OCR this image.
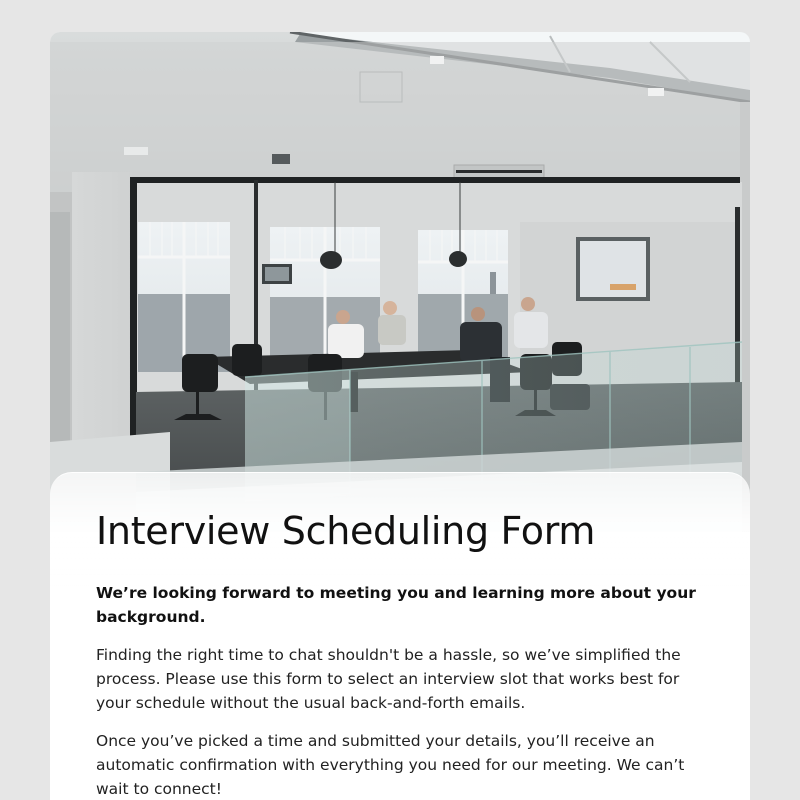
Interview Scheduling Form

We’re looking forward to meeting you and learning more about your background.

Finding the right time to chat shouldn't be a hassle, so we’ve simplified the process. Please use this form to select an interview slot that works best for your schedule without the usual back-and-forth emails.

Once you’ve picked a time and submitted your details, you’ll receive an automatic confirmation with everything you need for our meeting. We can’t wait to connect!
